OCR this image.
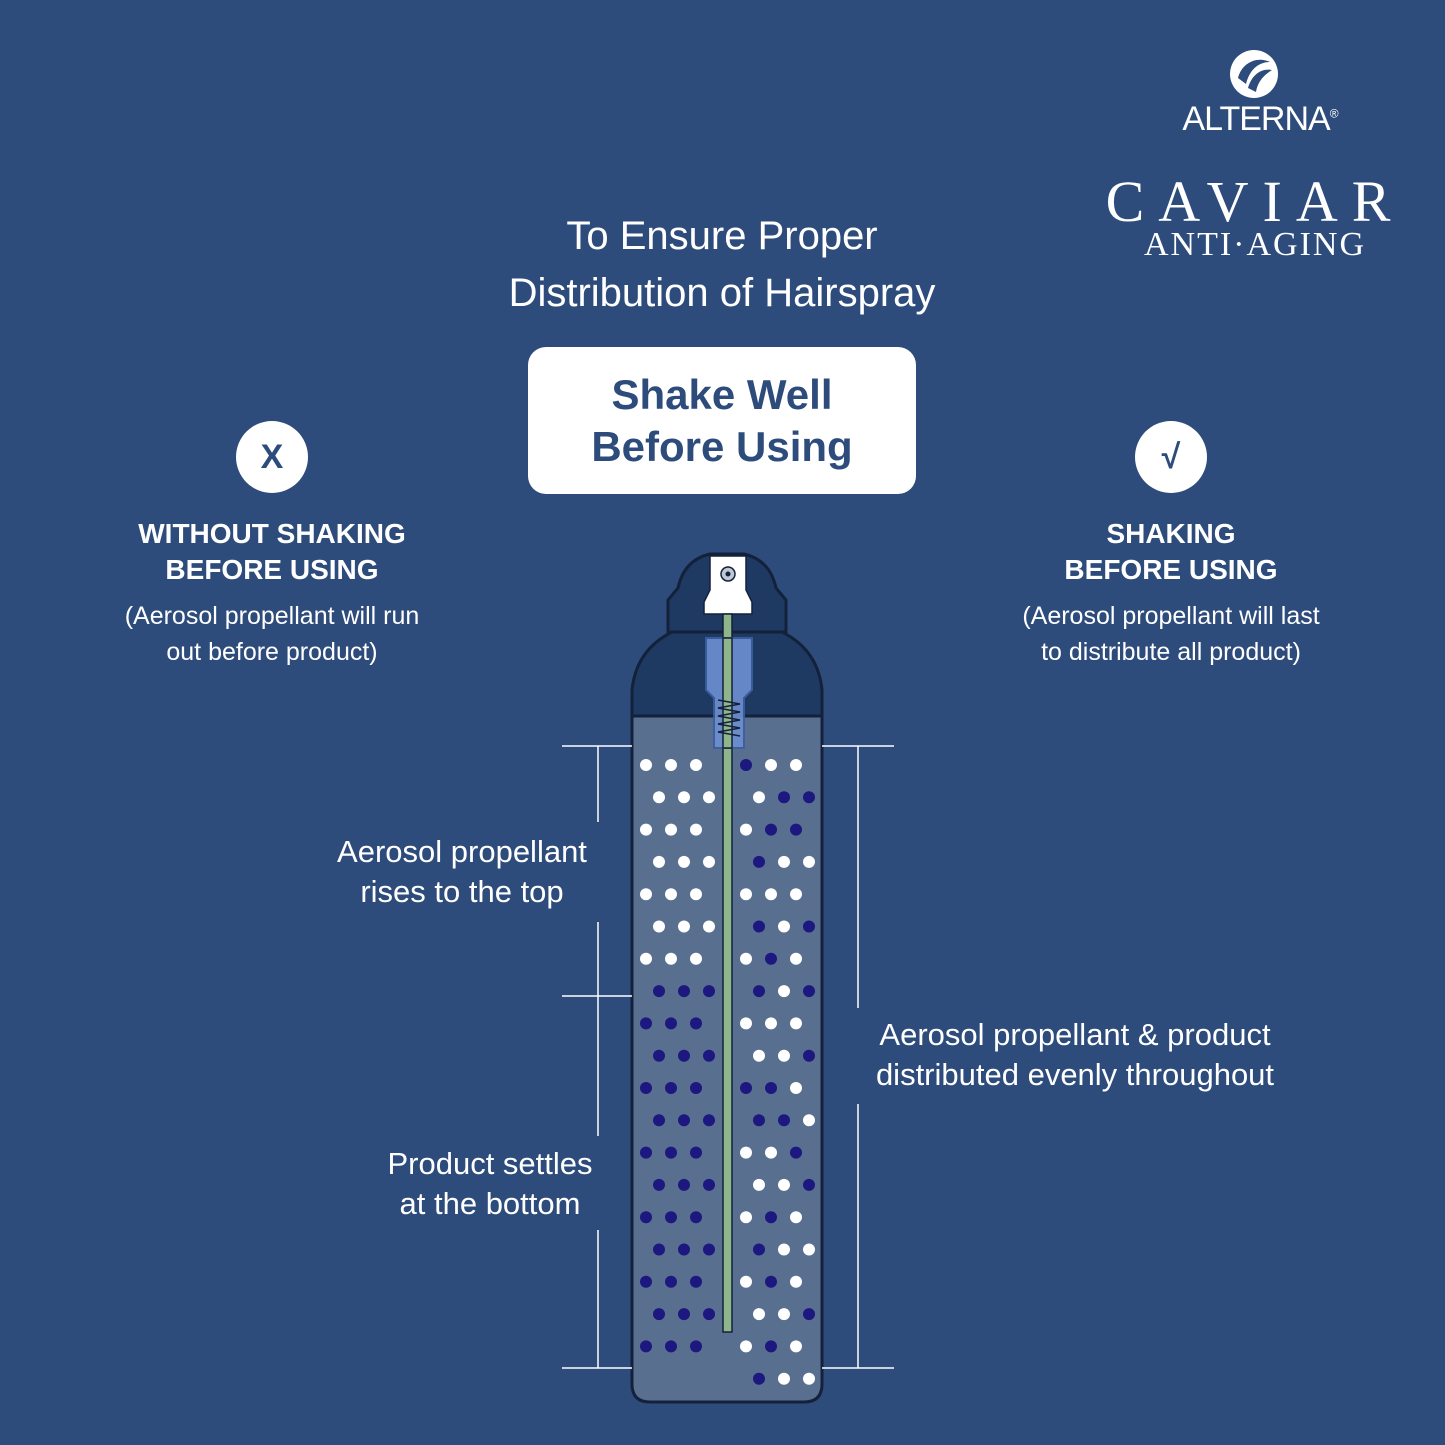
ALTERNA®
CAVIAR
ANTI·AGING
To Ensure Proper
Distribution of Hairspray
Shake Well
Before Using
X
WITHOUT SHAKING
BEFORE USING
(Aerosol propellant will run
out before product)
√
SHAKING
BEFORE USING
(Aerosol propellant will last
to distribute all product)
Aerosol propellant
rises to the top
Product settles
at the bottom
Aerosol propellant & product
distributed evenly throughout
